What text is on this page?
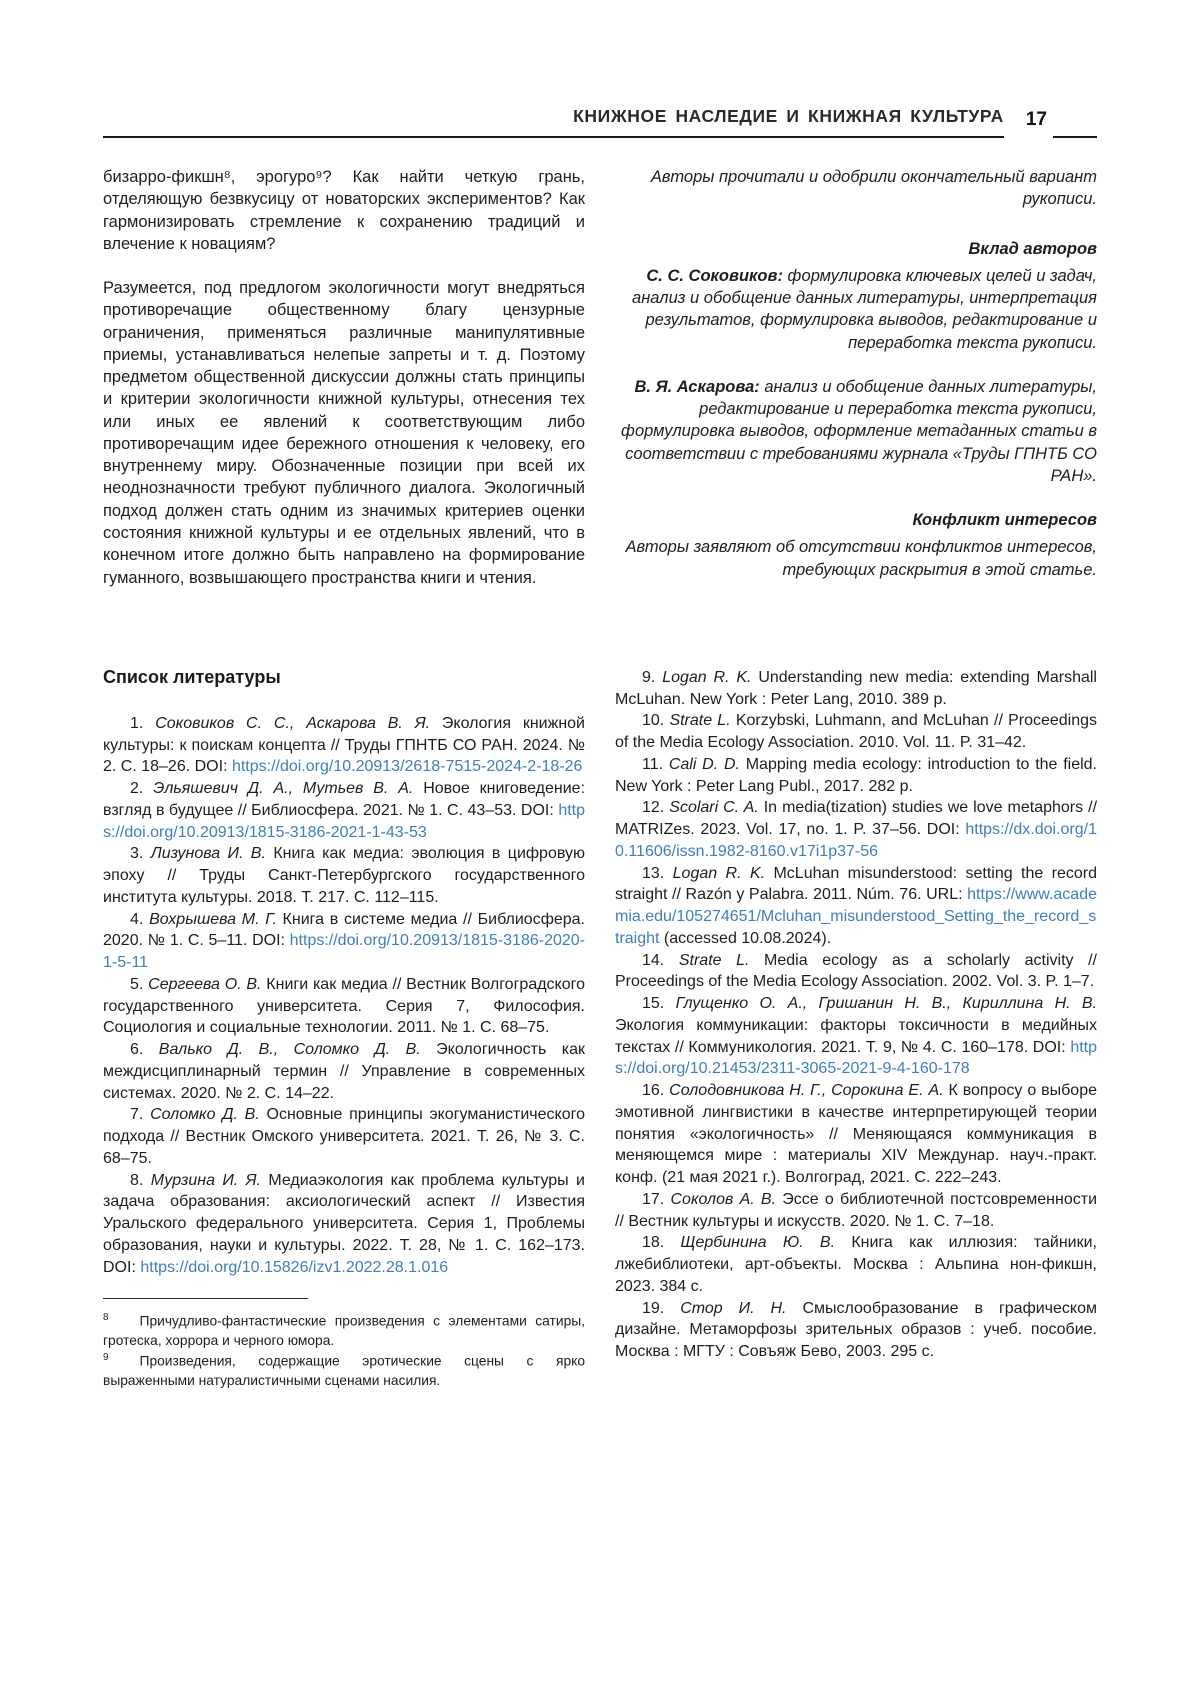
КНИЖНОЕ НАСЛЕДИЕ И КНИЖНАЯ КУЛЬТУРА	17

бизарро-фикшн⁸, эрогуро⁹? Как найти четкую грань, отделяющую безвкусицу от новаторских экспериментов? Как гармонизировать стремление к сохранению традиций и влечение к новациям?

Разумеется, под предлогом экологичности могут внедряться противоречащие общественному благу цензурные ограничения, применяться различные манипулятивные приемы, устанавливаться нелепые запреты и т. д. Поэтому предметом общественной дискуссии должны стать принципы и критерии экологичности книжной культуры, отнесения тех или иных ее явлений к соответствующим либо противоречащим идее бережного отношения к человеку, его внутреннему миру. Обозначенные позиции при всей их неоднозначности требуют публичного диалога. Экологичный подход должен стать одним из значимых критериев оценки состояния книжной культуры и ее отдельных явлений, что в конечном итоге должно быть направлено на формирование гуманного, возвышающего пространства книги и чтения.

Авторы прочитали и одобрили окончательный вариант рукописи.

Вклад авторов

С. С. Соковиков: формулировка ключевых целей и задач, анализ и обобщение данных литературы, интерпретация результатов, формулировка выводов, редактирование и переработка текста рукописи.

В. Я. Аскарова: анализ и обобщение данных литературы, редактирование и переработка текста рукописи, формулировка выводов, оформление метаданных статьи в соответствии с требованиями журнала «Труды ГПНТБ СО РАН».

Конфликт интересов

Авторы заявляют об отсутствии конфликтов интересов, требующих раскрытия в этой статье.

Список литературы

1. Соковиков С. С., Аскарова В. Я. Экология книжной культуры: к поискам концепта // Труды ГПНТБ СО РАН. 2024. № 2. С. 18–26. DOI: https://doi.org/10.20913/2618-7515-2024-2-18-26

2. Эльяшевич Д. А., Мутьев В. А. Новое книговедение: взгляд в будущее // Библиосфера. 2021. № 1. С. 43–53. DOI: https://doi.org/10.20913/1815-3186-2021-1-43-53

3. Лизунова И. В. Книга как медиа: эволюция в цифровую эпоху // Труды Санкт-Петербургского государственного института культуры. 2018. Т. 217. С. 112–115.

4. Вохрышева М. Г. Книга в системе медиа // Библиосфера. 2020. № 1. С. 5–11. DOI: https://doi.org/10.20913/1815-3186-2020-1-5-11

5. Сергеева О. В. Книги как медиа // Вестник Волгоградского государственного университета. Серия 7, Философия. Социология и социальные технологии. 2011. № 1. С. 68–75.

6. Валько Д. В., Соломко Д. В. Экологичность как междисциплинарный термин // Управление в современных системах. 2020. № 2. С. 14–22.

7. Соломко Д. В. Основные принципы экогуманистического подхода // Вестник Омского университета. 2021. Т. 26, № 3. С. 68–75.

8. Мурзина И. Я. Медиаэкология как проблема культуры и задача образования: аксиологический аспект // Известия Уральского федерального университета. Серия 1, Проблемы образования, науки и культуры. 2022. Т. 28, № 1. С. 162–173. DOI: https://doi.org/10.15826/izv1.2022.28.1.016

$^8$ Причудливо-фантастические произведения с элементами сатиры, гротеска, хоррора и черного юмора.
$^9$ Произведения, содержащие эротические сцены с ярко выраженными натуралистичными сценами насилия.

9. Logan R. K. Understanding new media: extending Marshall McLuhan. New York : Peter Lang, 2010. 389 p.

10. Strate L. Korzybski, Luhmann, and McLuhan // Proceedings of the Media Ecology Association. 2010. Vol. 11. P. 31–42.

11. Cali D. D. Mapping media ecology: introduction to the field. New York : Peter Lang Publ., 2017. 282 p.

12. Scolari C. A. In media(tization) studies we love metaphors // MATRIZes. 2023. Vol. 17, no. 1. P. 37–56. DOI: https://dx.doi.org/10.11606/issn.1982-8160.v17i1p37-56

13. Logan R. K. McLuhan misunderstood: setting the record straight // Razón y Palabra. 2011. Núm. 76. URL: https://www.academia.edu/105274651/Mcluhan_misunderstood_Setting_the_record_straight (accessed 10.08.2024).

14. Strate L. Media ecology as a scholarly activity // Proceedings of the Media Ecology Association. 2002. Vol. 3. P. 1–7.

15. Глущенко О. А., Гришанин Н. В., Кириллина Н. В. Экология коммуникации: факторы токсичности в медийных текстах // Коммуникология. 2021. Т. 9, № 4. С. 160–178. DOI: https://doi.org/10.21453/2311-3065-2021-9-4-160-178

16. Солодовникова Н. Г., Сорокина Е. А. К вопросу о выборе эмотивной лингвистики в качестве интерпретирующей теории понятия «экологичность» // Меняющаяся коммуникация в меняющемся мире : материалы XIV Междунар. науч.-практ. конф. (21 мая 2021 г.). Волгоград, 2021. С. 222–243.

17. Соколов А. В. Эссе о библиотечной постсовременности // Вестник культуры и искусств. 2020. № 1. С. 7–18.

18. Щербинина Ю. В. Книга как иллюзия: тайники, лжебиблиотеки, арт-объекты. Москва : Альпина нон-фикшн, 2023. 384 с.

19. Стор И. Н. Смыслообразование в графическом дизайне. Метаморфозы зрительных образов : учеб. пособие. Москва : МГТУ : Совъяж Бево, 2003. 295 с.
